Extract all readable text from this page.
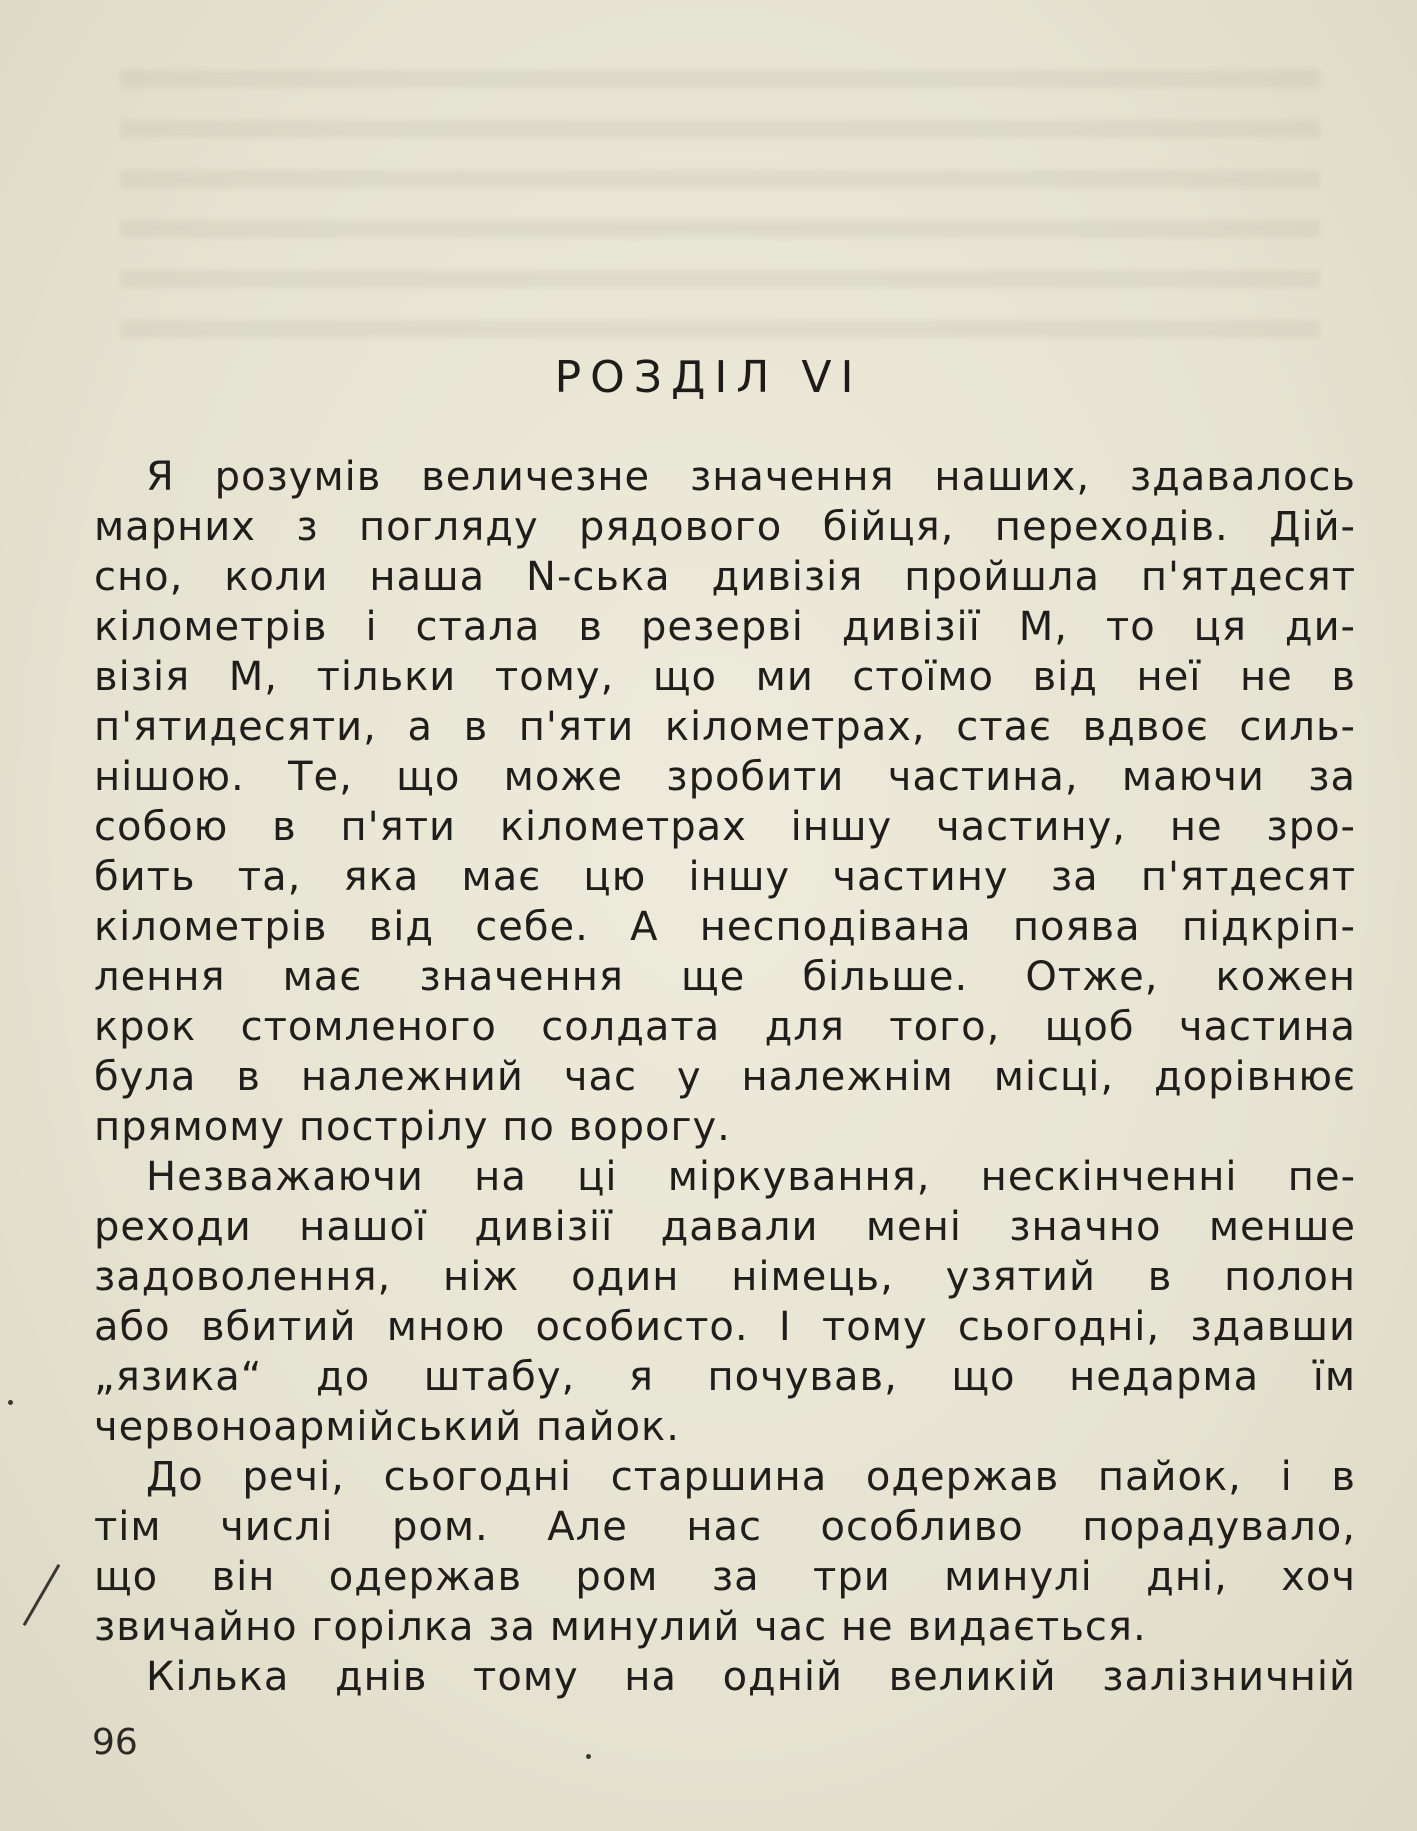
РОЗДІЛ VI
Я розумів величезне значення наших, здавалось
марних з погляду рядового бійця, переходів. Дій-
сно, коли наша N-ська дивізія пройшла п'ятдесят
кілометрів і стала в резерві дивізії М, то ця ди-
візія М, тільки тому, що ми стоїмо від неї не в
п'ятидесяти, а в п'яти кілометрах, стає вдвоє силь-
нішою. Те, що може зробити частина, маючи за
собою в п'яти кілометрах іншу частину, не зро-
бить та, яка має цю іншу частину за п'ятдесят
кілометрів від себе. А несподівана поява підкріп-
лення має значення ще більше. Отже, кожен
крок стомленого солдата для того, щоб частина
була в належний час у належнім місці, дорівнює
прямому пострілу по ворогу.
Незважаючи на ці міркування, нескінченні пе-
реходи нашої дивізії давали мені значно менше
задоволення, ніж один німець, узятий в полон
або вбитий мною особисто. І тому сьогодні, здавши
„язика“ до штабу, я почував, що недарма їм
червоноармійський пайок.
До речі, сьогодні старшина одержав пайок, і в
тім числі ром. Але нас особливо порадувало,
що він одержав ром за три минулі дні, хоч
звичайно горілка за минулий час не видається.
Кілька днів тому на одній великій залізничній

96
